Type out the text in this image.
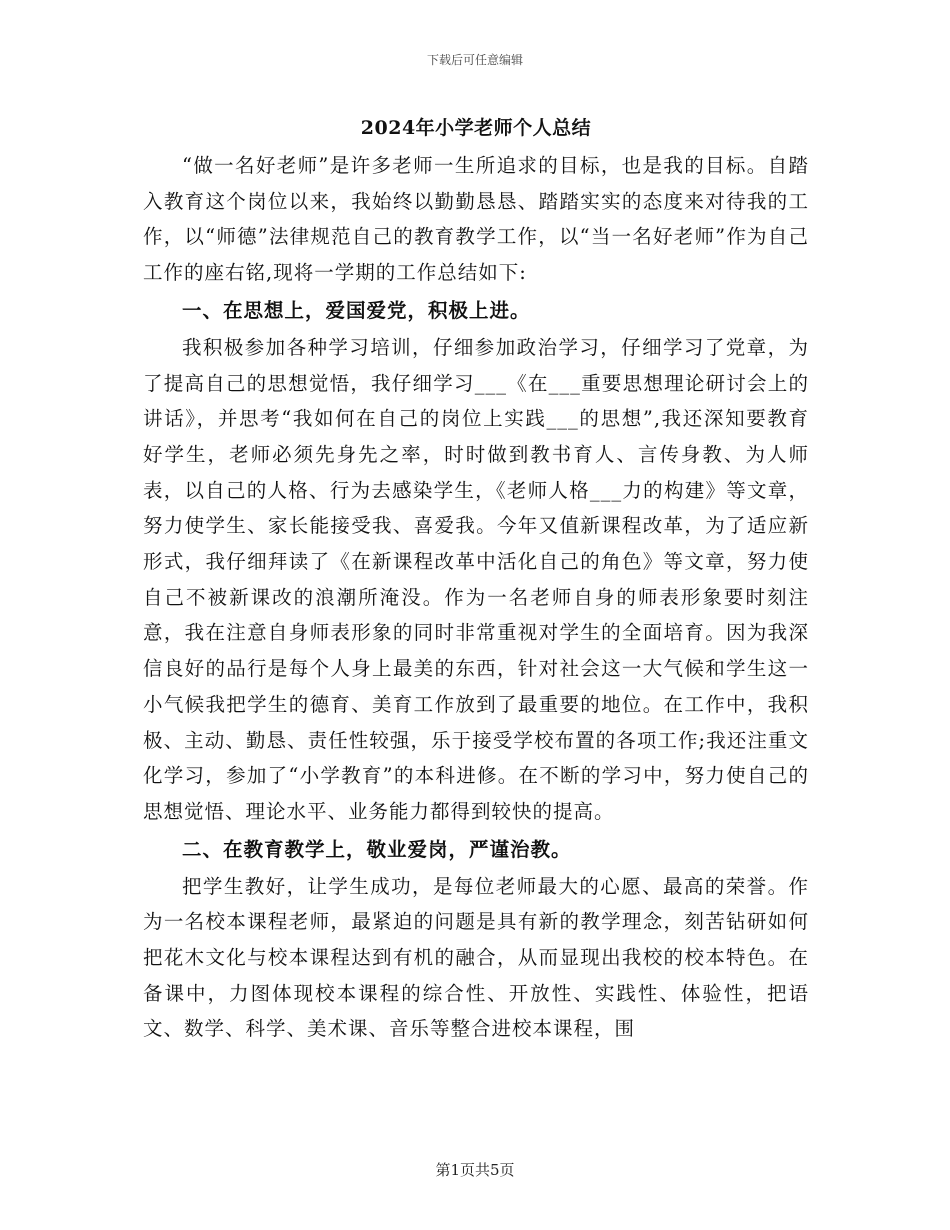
下载后可任意编辑
2024年小学老师个人总结

“做一名好老师”是许多老师一生所追求的目标，也是我的目标。自踏入教育这个岗位以来，我始终以勤勤恳恳、踏踏实实的态度来对待我的工作，以“师德”法律规范自己的教育教学工作，以“当一名好老师”作为自己工作的座右铭,现将一学期的工作总结如下:

一、在思想上，爱国爱党，积极上进。

我积极参加各种学习培训，仔细参加政治学习，仔细学习了党章，为了提高自己的思想觉悟，我仔细学习___《在___重要思想理论研讨会上的讲话》，并思考“我如何在自己的岗位上实践___的思想”,我还深知要教育好学生，老师必须先身先之率，时时做到教书育人、言传身教、为人师表，以自己的人格、行为去感染学生，《老师人格___力的构建》等文章，努力使学生、家长能接受我、喜爱我。今年又值新课程改革，为了适应新形式，我仔细拜读了《在新课程改革中活化自己的角色》等文章，努力使自己不被新课改的浪潮所淹没。作为一名老师自身的师表形象要时刻注意，我在注意自身师表形象的同时非常重视对学生的全面培育。因为我深信良好的品行是每个人身上最美的东西，针对社会这一大气候和学生这一小气候我把学生的德育、美育工作放到了最重要的地位。在工作中，我积极、主动、勤恳、责任性较强，乐于接受学校布置的各项工作;我还注重文化学习，参加了“小学教育”的本科进修。在不断的学习中，努力使自己的思想觉悟、理论水平、业务能力都得到较快的提高。

二、在教育教学上，敬业爱岗，严谨治教。

把学生教好，让学生成功，是每位老师最大的心愿、最高的荣誉。作为一名校本课程老师，最紧迫的问题是具有新的教学理念，刻苦钻研如何把花木文化与校本课程达到有机的融合，从而显现出我校的校本特色。在备课中，力图体现校本课程的综合性、开放性、实践性、体验性，把语文、数学、科学、美术课、音乐等整合进校本课程，围

第1页共5页
